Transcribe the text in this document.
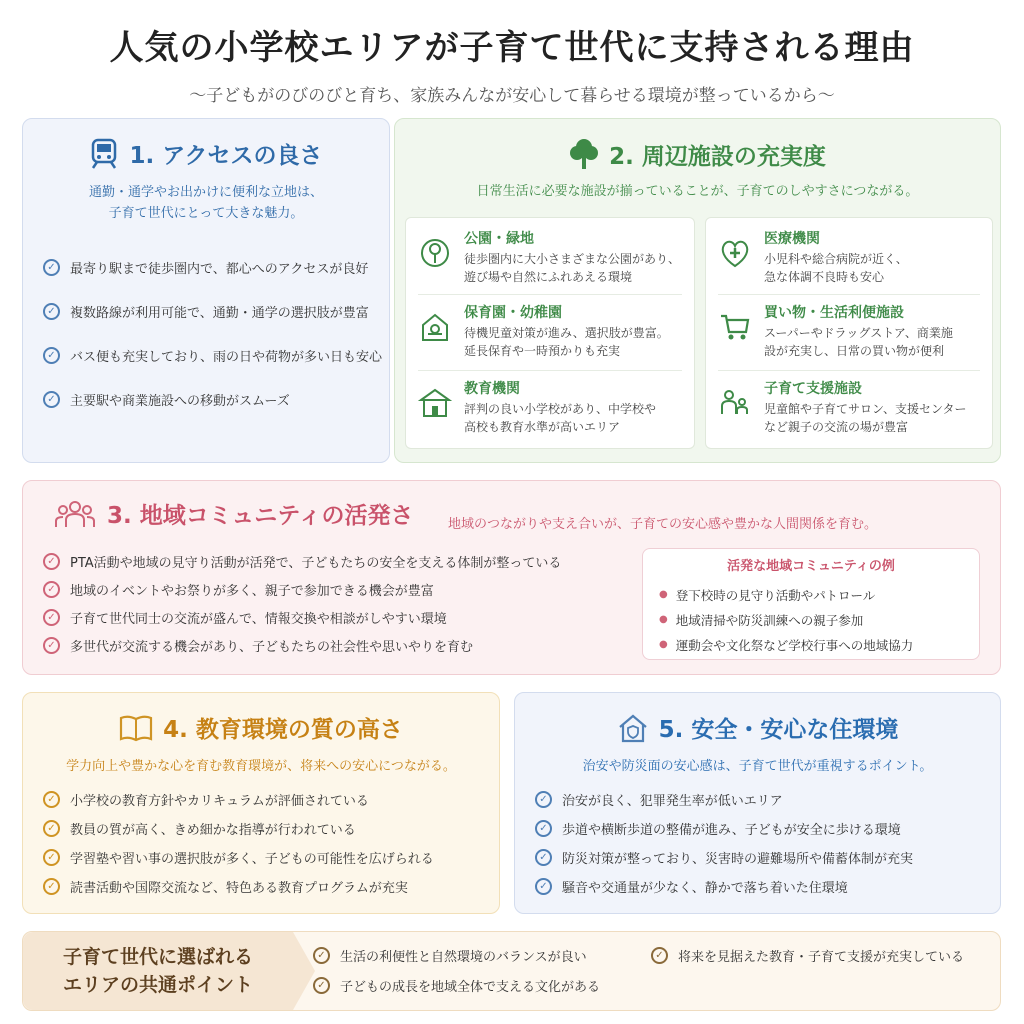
人気の小学校エリアが子育て世代に支持される理由
〜子どもがのびのびと育ち、家族みんなが安心して暮らせる環境が整っているから〜
1. アクセスの良さ
通勤・通学やお出かけに便利な立地は、
子育て世代にとって大きな魅力。
✓	最寄り駅まで徒歩圏内で、都心へのアクセスが良好
✓	複数路線が利用可能で、通勤・通学の選択肢が豊富
✓	バス便も充実しており、雨の日や荷物が多い日も安心
✓	主要駅や商業施設への移動がスムーズ
2. 周辺施設の充実度
日常生活に必要な施設が揃っていることが、子育てのしやすさにつながる。
公園・緑地
徒歩圏内に大小さまざまな公園があり、
遊び場や自然にふれあえる環境
保育園・幼稚園
待機児童対策が進み、選択肢が豊富。
延長保育や一時預かりも充実
教育機関
評判の良い小学校があり、中学校や
高校も教育水準が高いエリア
医療機関
小児科や総合病院が近く、
急な体調不良時も安心
買い物・生活利便施設
スーパーやドラッグストア、商業施
設が充実し、日常の買い物が便利
子育て支援施設
児童館や子育てサロン、支援センター
など親子の交流の場が豊富
3. 地域コミュニティの活発さ	地域のつながりや支え合いが、子育ての安心感や豊かな人間関係を育む。
✓	PTA活動や地域の見守り活動が活発で、子どもたちの安全を支える体制が整っている
✓	地域のイベントやお祭りが多く、親子で参加できる機会が豊富
✓	子育て世代同士の交流が盛んで、情報交換や相談がしやすい環境
✓	多世代が交流する機会があり、子どもたちの社会性や思いやりを育む
活発な地域コミュニティの例
● 登下校時の見守り活動やパトロール
● 地域清掃や防災訓練への親子参加
● 運動会や文化祭など学校行事への地域協力
4. 教育環境の質の高さ
学力向上や豊かな心を育む教育環境が、将来への安心につながる。
✓	小学校の教育方針やカリキュラムが評価されている
✓	教員の質が高く、きめ細かな指導が行われている
✓	学習塾や習い事の選択肢が多く、子どもの可能性を広げられる
✓	読書活動や国際交流など、特色ある教育プログラムが充実
5. 安全・安心な住環境
治安や防災面の安心感は、子育て世代が重視するポイント。
✓	治安が良く、犯罪発生率が低いエリア
✓	歩道や横断歩道の整備が進み、子どもが安全に歩ける環境
✓	防災対策が整っており、災害時の避難場所や備蓄体制が充実
✓	騒音や交通量が少なく、静かで落ち着いた住環境
子育て世代に選ばれる
エリアの共通ポイント
✓	生活の利便性と自然環境のバランスが良い	✓	将来を見据えた教育・子育て支援が充実している
✓	子どもの成長を地域全体で支える文化がある
